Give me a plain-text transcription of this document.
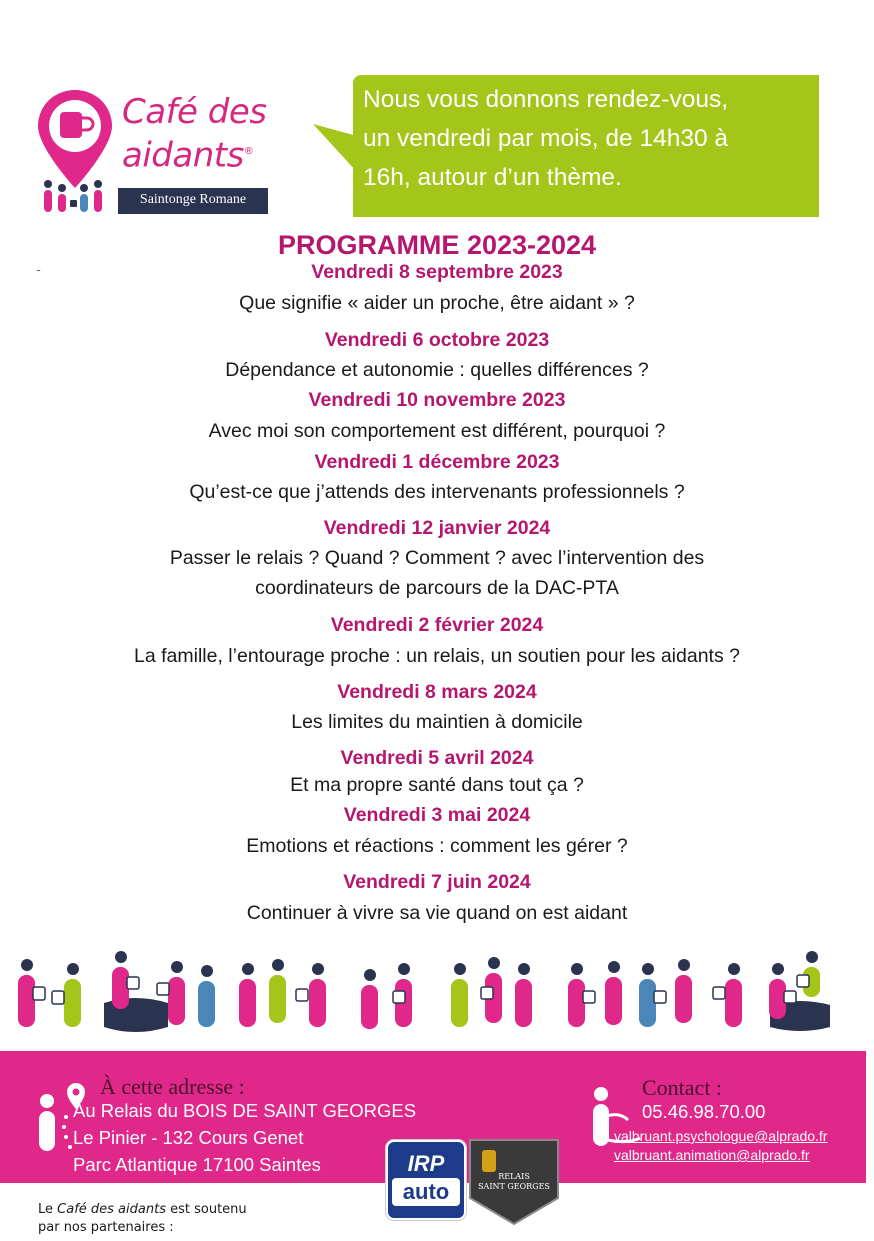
Café des
aidants®
Saintonge Romane
Nous vous donnons rendez-vous,
un vendredi par mois, de 14h30 à
16h, autour d’un thème.
PROGRAMME 2023-2024
Vendredi 8 septembre 2023
Que signifie « aider un proche, être aidant » ?
Vendredi 6 octobre 2023
Dépendance et autonomie : quelles différences ?
Vendredi 10 novembre 2023
Avec moi son comportement est différent, pourquoi ?
Vendredi 1 décembre 2023
Qu’est-ce que j’attends des intervenants professionnels ?
Vendredi 12 janvier 2024
Passer le relais ? Quand ? Comment ? avec l’intervention des
coordinateurs de parcours de la DAC-PTA
Vendredi 2 février 2024
La famille, l’entourage proche : un relais, un soutien pour les aidants ?
Vendredi 8 mars 2024
Les limites du maintien à domicile
Vendredi 5 avril 2024
Et ma propre santé dans tout ça ?
Vendredi 3 mai 2024
Emotions et réactions : comment les gérer ?
Vendredi 7 juin 2024
Continuer à vivre sa vie quand on est aidant
À cette adresse :
Au Relais du BOIS DE SAINT GEORGES
Le Pinier - 132 Cours Genet
Parc Atlantique 17100 Saintes
Contact :
05.46.98.70.00
valbruant.psychologue@alprado.fr
valbruant.animation@alprado.fr
Le Café des aidants est soutenu
par nos partenaires :
IRP
auto
RELAIS
SAINT GEORGES
